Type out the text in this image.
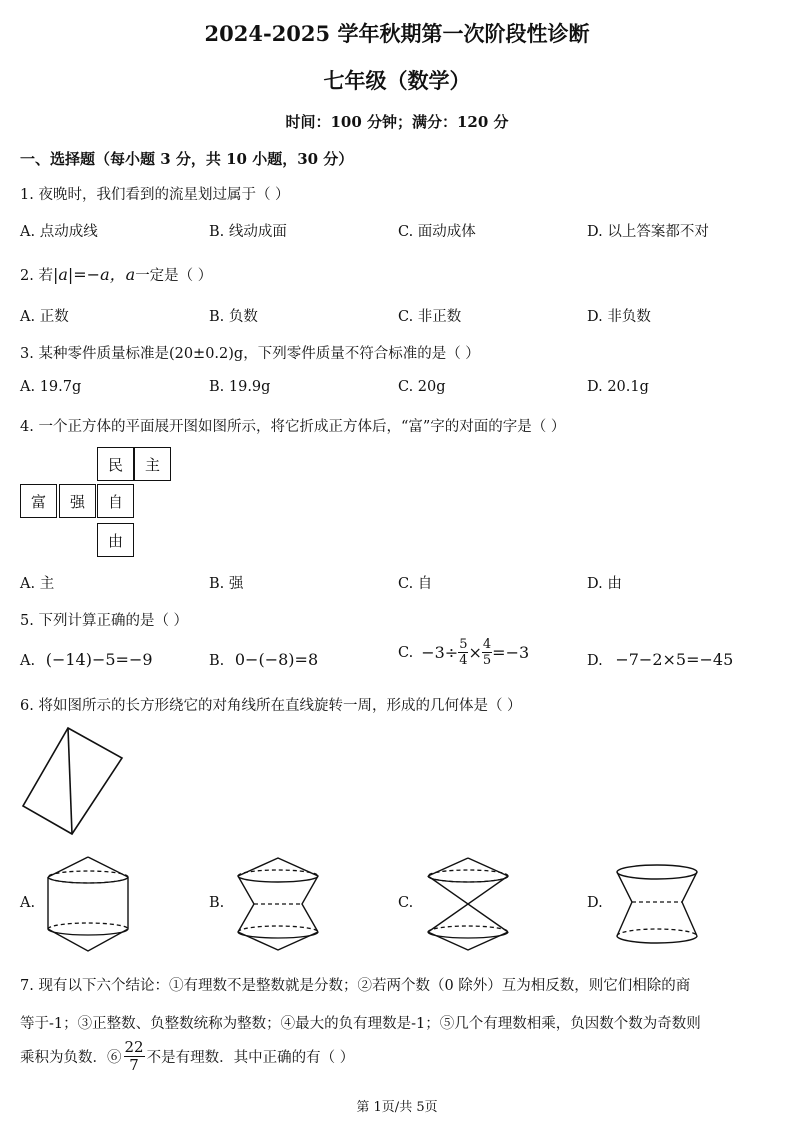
2024-2025 学年秋期第一次阶段性诊断
七年级（数学）
时间：100 分钟；满分：120 分
一、选择题（每小题 3 分，共 10 小题，30 分）
1. 夜晚时，我们看到的流星划过属于（ ）
A. 点动成线	B. 线动成面	C. 面动成体	D. 以上答案都不对
2. 若|a|=−a，a一定是（ ）
A. 正数	B. 负数	C. 非正数	D. 非负数
3. 某种零件质量标准是(20±0.2)g，下列零件质量不符合标准的是（ ）
A. 19.7g	B. 19.9g	C. 20g	D. 20.1g
4. 一个正方体的平面展开图如图所示，将它折成正方体后，“富”字的对面的字是（ ）
民	主
富	强	自
由
A. 主	B. 强	C. 自	D. 由
5. 下列计算正确的是（ ）
A. (−14)−5=−9	B. 0−(−8)=8	C. $-3\div \frac{5}{4} \times \frac{4}{5} =-3$	D. −7−2×5=−45
6. 将如图所示的长方形绕它的对角线所在直线旋转一周，形成的几何体是（ ）
A.	B.	C.	D.
7. 现有以下六个结论：①有理数不是整数就是分数；②若两个数（0 除外）互为相反数，则它们相除的商
等于-1；③正整数、负整数统称为整数；④最大的负有理数是-1；⑤几个有理数相乘，负因数个数为奇数则
乘积为负数．⑥ $\frac{22}{7}$ 不是有理数．其中正确的有（ ）
第 1页/共 5页
